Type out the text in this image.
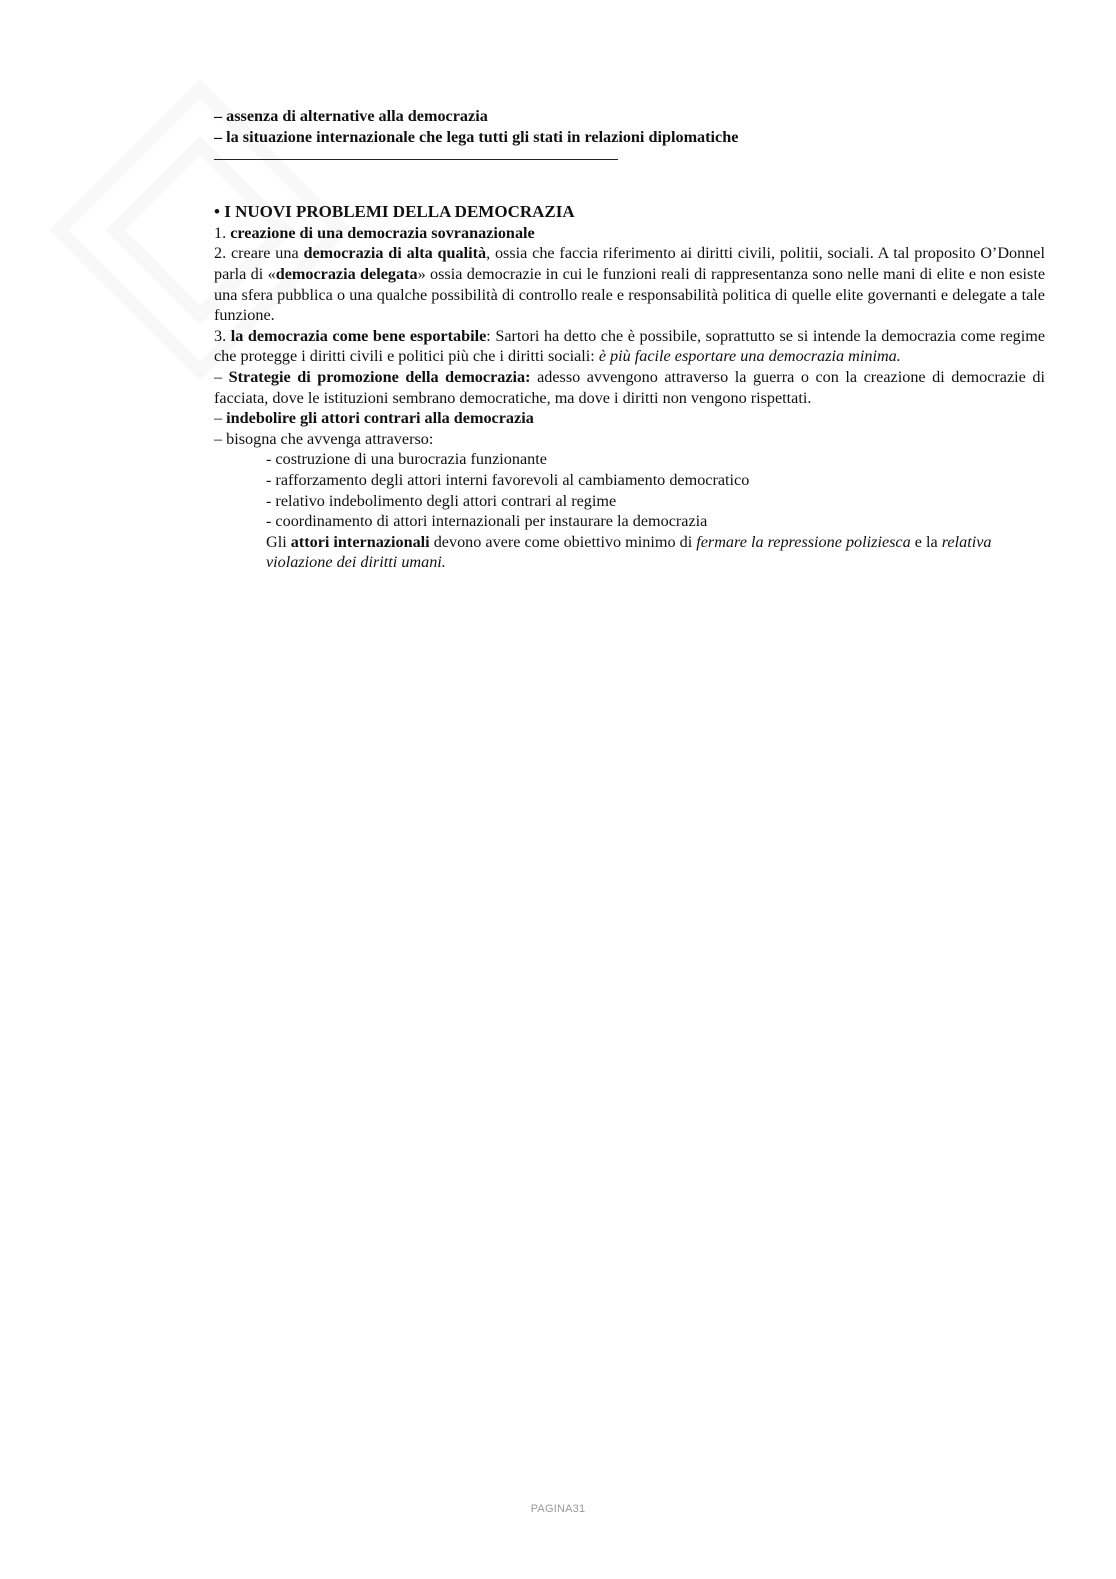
– assenza di alternative alla democrazia
– la situazione internazionale che lega tutti gli stati in relazioni diplomatiche
• I NUOVI PROBLEMI DELLA DEMOCRAZIA
1. creazione di una democrazia sovranazionale
2. creare una democrazia di alta qualità, ossia che faccia riferimento ai diritti civili, politii, sociali. A tal proposito O’Donnel parla di «democrazia delegata» ossia democrazie in cui le funzioni reali di rappresentanza sono nelle mani di elite e non esiste una sfera pubblica o una qualche possibilità di controllo reale e responsabilità politica di quelle elite governanti e delegate a tale funzione.
3. la democrazia come bene esportabile: Sartori ha detto che è possibile, soprattutto se si intende la democrazia come regime che protegge i diritti civili e politici più che i diritti sociali: è più facile esportare una democrazia minima.
– Strategie di promozione della democrazia: adesso avvengono attraverso la guerra o con la creazione di democrazie di facciata, dove le istituzioni sembrano democratiche, ma dove i diritti non vengono rispettati.
– indebolire gli attori contrari alla democrazia
– bisogna che avvenga attraverso:
- costruzione di una burocrazia funzionante
- rafforzamento degli attori interni favorevoli al cambiamento democratico
- relativo indebolimento degli attori contrari al regime
- coordinamento di attori internazionali per instaurare la democrazia
Gli attori internazionali devono avere come obiettivo minimo di fermare la repressione poliziesca e la relativa violazione dei diritti umani.
PAGINA31
